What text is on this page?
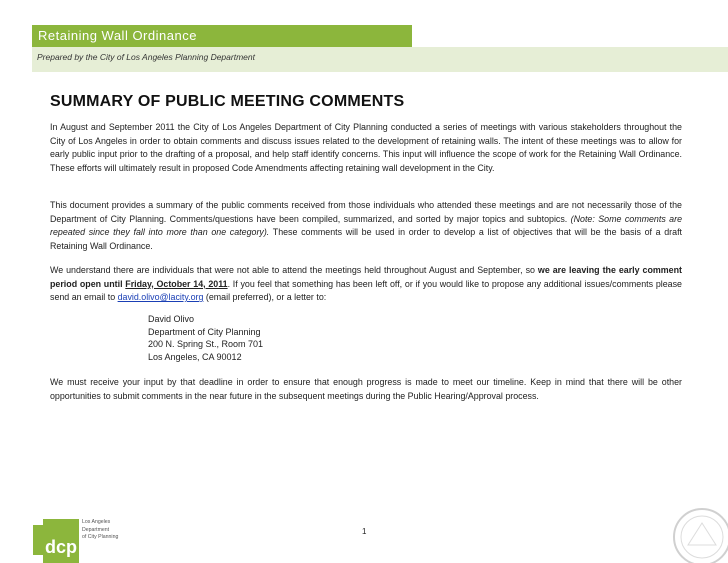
Retaining Wall Ordinance
Prepared by the City of Los Angeles Planning Department
SUMMARY OF PUBLIC MEETING COMMENTS
In August and September 2011 the City of Los Angeles Department of City Planning conducted a series of meetings with various stakeholders throughout the City of Los Angeles in order to obtain comments and discuss issues related to the development of retaining walls. The intent of these meetings was to allow for early public input prior to the drafting of a proposal, and help staff identify concerns. This input will influence the scope of work for the Retaining Wall Ordinance. These efforts will ultimately result in proposed Code Amendments affecting retaining wall development in the City.
This document provides a summary of the public comments received from those individuals who attended these meetings and are not necessarily those of the Department of City Planning. Comments/questions have been compiled, summarized, and sorted by major topics and subtopics. (Note: Some comments are repeated since they fall into more than one category). These comments will be used in order to develop a list of objectives that will be the basis of a draft Retaining Wall Ordinance.
We understand there are individuals that were not able to attend the meetings held throughout August and September, so we are leaving the early comment period open until Friday, October 14, 2011. If you feel that something has been left off, or if you would like to propose any additional issues/comments please send an email to david.olivo@lacity.org (email preferred), or a letter to:
David Olivo
Department of City Planning
200 N. Spring St., Room 701
Los Angeles, CA 90012
We must receive your input by that deadline in order to ensure that enough progress is made to meet our timeline. Keep in mind that there will be other opportunities to submit comments in the near future in the subsequent meetings during the Public Hearing/Approval process.
dcp
Los Angeles
Department
of City Planning
1
